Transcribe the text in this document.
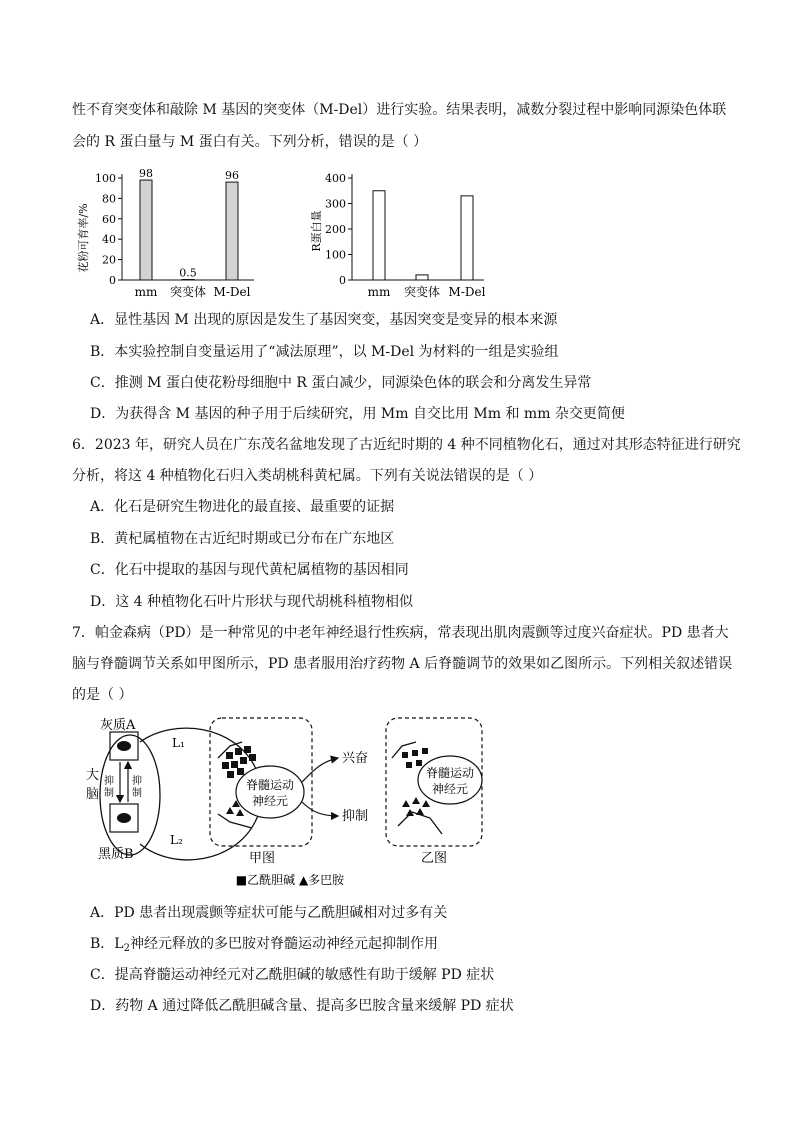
性不育突变体和敲除 M 基因的突变体（M-Del）进行实验。结果表明，减数分裂过程中影响同源染色体联
会的 R 蛋白量与 M 蛋白有关。下列分析，错误的是（ ）
花粉可育率/%
0
20
40
60
80
100
mm
98
突变体
0.5
M-Del
96
R蛋白量
0
100
200
300
400
mm 突变体 M-Del
A．显性基因 M 出现的原因是发生了基因突变，基因突变是变异的根本来源
B．本实验控制自变量运用了“减法原理”，以 M-Del 为材料的一组是实验组
C．推测 M 蛋白使花粉母细胞中 R 蛋白减少，同源染色体的联会和分离发生异常
D．为获得含 M 基因的种子用于后续研究，用 Mm 自交比用 Mm 和 mm 杂交更简便
6．2023 年，研究人员在广东茂名盆地发现了古近纪时期的 4 种不同植物化石，通过对其形态特征进行研究
分析，将这 4 种植物化石归入类胡桃科黄杞属。下列有关说法错误的是（ ）
A．化石是研究生物进化的最直接、最重要的证据
B．黄杞属植物在古近纪时期或已分布在广东地区
C．化石中提取的基因与现代黄杞属植物的基因相同
D．这 4 种植物化石叶片形状与现代胡桃科植物相似
7．帕金森病（PD）是一种常见的中老年神经退行性疾病，常表现出肌肉震颤等过度兴奋症状。PD 患者大
脑与脊髓调节关系如甲图所示，PD 患者服用治疗药物 A 后脊髓调节的效果如乙图所示。下列相关叙述错误
的是（ ）
灰质A
黑质B
大
脑
L₁
L₂
抑
制
抑
制
脊髓运动
神经元
兴奋
抑制
甲图
脊髓运动
神经元
乙图
■乙酰胆碱 ▲多巴胺
A．PD 患者出现震颤等症状可能与乙酰胆碱相对过多有关
B．$L_2$神经元释放的多巴胺对脊髓运动神经元起抑制作用
C．提高脊髓运动神经元对乙酰胆碱的敏感性有助于缓解 PD 症状
D．药物 A 通过降低乙酰胆碱含量、提高多巴胺含量来缓解 PD 症状
